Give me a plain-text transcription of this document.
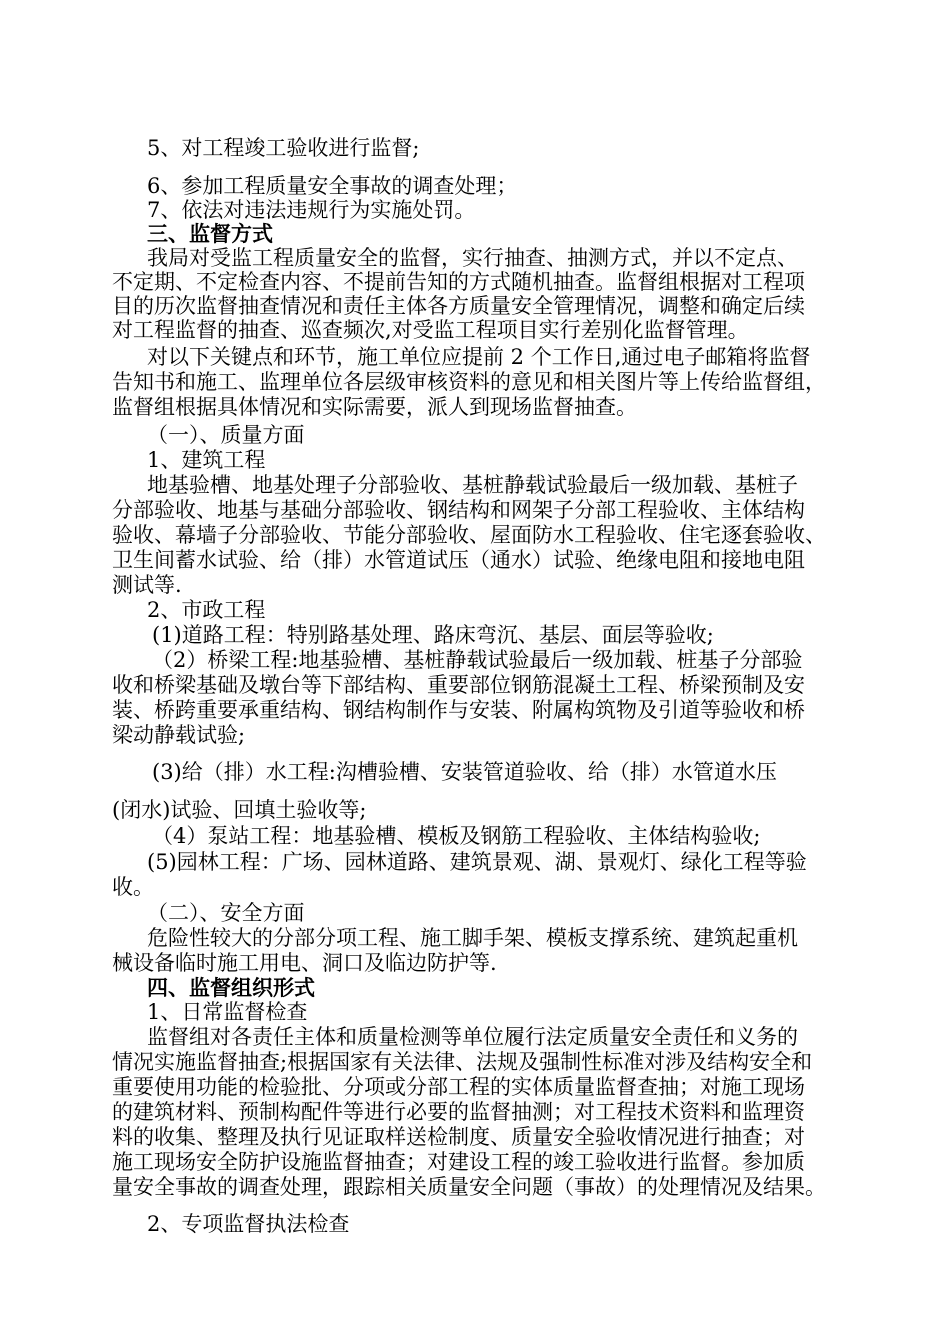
5、对工程竣工验收进行监督;
6、参加工程质量安全事故的调查处理；
7、依法对违法违规行为实施处罚。
三、监督方式
我局对受监工程质量安全的监督，实行抽查、抽测方式，并以不定点、
不定期、不定检查内容、不提前告知的方式随机抽查。监督组根据对工程项
目的历次监督抽查情况和责任主体各方质量安全管理情况，调整和确定后续
对工程监督的抽查、巡查频次,对受监工程项目实行差别化监督管理。
对以下关键点和环节，施工单位应提前 2 个工作日,通过电子邮箱将监督
告知书和施工、监理单位各层级审核资料的意见和相关图片等上传给监督组，
监督组根据具体情况和实际需要，派人到现场监督抽查。
（一）、质量方面
1、建筑工程
地基验槽、地基处理子分部验收、基桩静载试验最后一级加载、基桩子
分部验收、地基与基础分部验收、钢结构和网架子分部工程验收、主体结构
验收、幕墙子分部验收、节能分部验收、屋面防水工程验收、住宅逐套验收、
卫生间蓄水试验、给（排）水管道试压（通水）试验、绝缘电阻和接地电阻
测试等.
2、市政工程
(1)道路工程：特别路基处理、路床弯沉、基层、面层等验收;
（2）桥梁工程:地基验槽、基桩静载试验最后一级加载、桩基子分部验
收和桥梁基础及墩台等下部结构、重要部位钢筋混凝土工程、桥梁预制及安
装、桥跨重要承重结构、钢结构制作与安装、附属构筑物及引道等验收和桥
梁动静载试验;
(3)给（排）水工程:沟槽验槽、安装管道验收、给（排）水管道水压
(闭水)试验、回填土验收等;
（4）泵站工程：地基验槽、模板及钢筋工程验收、主体结构验收;
(5)园林工程：广场、园林道路、建筑景观、湖、景观灯、绿化工程等验
收。
（二）、安全方面
危险性较大的分部分项工程、施工脚手架、模板支撑系统、建筑起重机
械设备临时施工用电、洞口及临边防护等.
四、监督组织形式
1、日常监督检查
监督组对各责任主体和质量检测等单位履行法定质量安全责任和义务的
情况实施监督抽查;根据国家有关法律、法规及强制性标准对涉及结构安全和
重要使用功能的检验批、分项或分部工程的实体质量监督查抽；对施工现场
的建筑材料、预制构配件等进行必要的监督抽测；对工程技术资料和监理资
料的收集、整理及执行见证取样送检制度、质量安全验收情况进行抽查；对
施工现场安全防护设施监督抽查；对建设工程的竣工验收进行监督。参加质
量安全事故的调查处理，跟踪相关质量安全问题（事故）的处理情况及结果。
2、专项监督执法检查
